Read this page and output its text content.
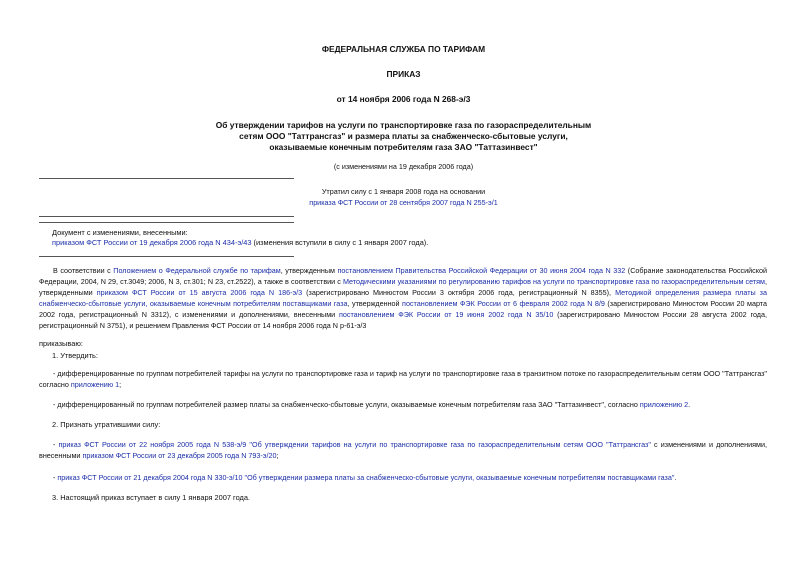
ФЕДЕРАЛЬНАЯ СЛУЖБА ПО ТАРИФАМ
ПРИКАЗ
от 14 ноября 2006 года N 268-э/3
Об утверждении тарифов на услуги по транспортировке газа по газораспределительным
сетям ООО "Таттрансгаз" и размера платы за снабженческо-сбытовые услуги,
оказываемые конечным потребителям газа ЗАО "Таттазинвест"
(с изменениями на 19 декабря 2006 года)
Утратил силу с 1 января 2008 года на основании
приказа ФСТ России от 28 сентября 2007 года N 255-э/1
Документ с изменениями, внесенными:
приказом ФСТ России от 19 декабря 2006 года N 434-э/43 (изменения вступили в силу с 1 января 2007 года).
В соответствии с Положением о Федеральной службе по тарифам, утвержденным постановлением Правительства Российской Федерации от 30 июня 2004 года N 332 (Собрание законодательства Российской Федерации, 2004, N 29, ст.3049; 2006, N 3, ст.301; N 23, ст.2522), а также в соответствии с Методическими указаниями по регулированию тарифов на услуги по транспортировке газа по газораспределительным сетям, утвержденными приказом ФСТ России от 15 августа 2006 года N 186-э/3 (зарегистрировано Минюстом России 3 октября 2006 года, регистрационный N 8355), Методикой определения размера платы за снабженческо-сбытовые услуги, оказываемые конечным потребителям поставщиками газа, утвержденной постановлением ФЭК России от 6 февраля 2002 года N 8/9 (зарегистрировано Минюстом России 20 марта 2002 года, регистрационный N 3312), с изменениями и дополнениями, внесенными постановлением ФЭК России от 19 июня 2002 года N 35/10 (зарегистрировано Минюстом России 28 августа 2002 года, регистрационный N 3751), и решением Правления ФСТ России от 14 ноября 2006 года N р-61-э/3
приказываю:
1. Утвердить:
- дифференцированные по группам потребителей тарифы на услуги по транспортировке газа и тариф на услуги по транспортировке газа в транзитном потоке по газораспределительным сетям ООО "Таттрансгаз" согласно приложению 1;
- дифференцированный по группам потребителей размер платы за снабженческо-сбытовые услуги, оказываемые конечным потребителям газа ЗАО "Таттазинвест", согласно приложению 2.
2. Признать утратившими силу:
- приказ ФСТ России от 22 ноября 2005 года N 538-э/9 "Об утверждении тарифов на услуги по транспортировке газа по газораспределительным сетям ООО "Таттрансгаз" с изменениями и дополнениями, внесенными приказом ФСТ России от 23 декабря 2005 года N 793-э/20;
- приказ ФСТ России от 21 декабря 2004 года N 330-э/10 "Об утверждении размера платы за снабженческо-сбытовые услуги, оказываемые конечным потребителям поставщиками газа".
3. Настоящий приказ вступает в силу 1 января 2007 года.
